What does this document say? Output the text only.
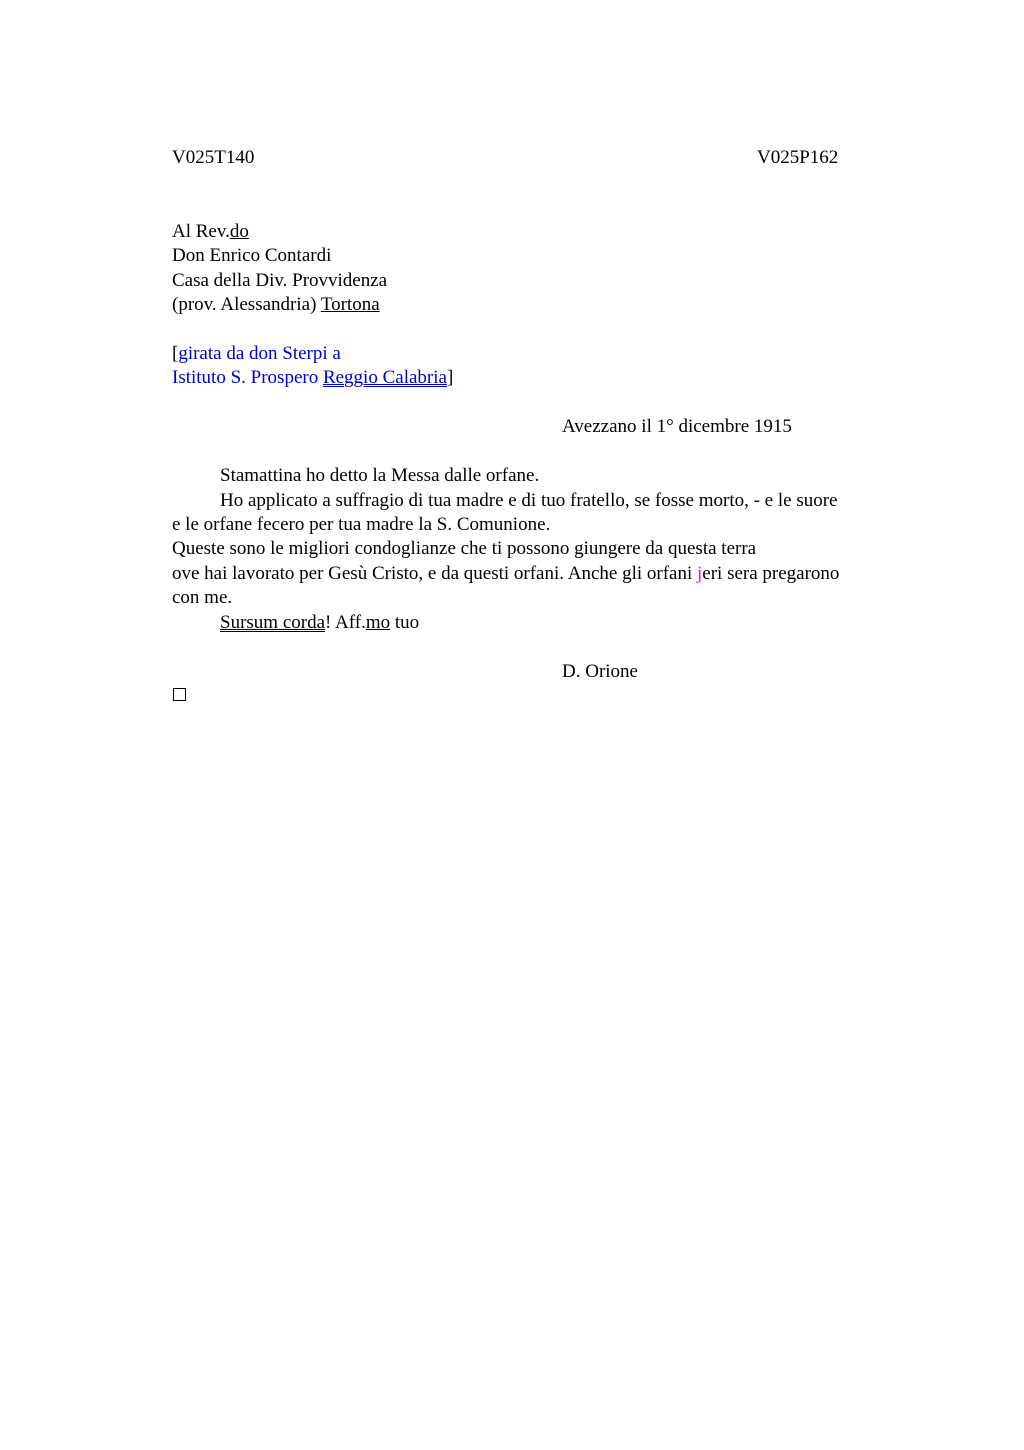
V025T140	V025P162
Al Rev.do
Don Enrico Contardi
Casa della Div. Provvidenza
(prov. Alessandria) Tortona
[girata da don Sterpi a
Istituto S. Prospero Reggio Calabria]
Avezzano il 1° dicembre 1915
Stamattina ho detto la Messa dalle orfane.
Ho applicato a suffragio di tua madre e di tuo fratello, se fosse morto, - e le suore
e le orfane fecero per tua madre la S. Comunione.
Queste sono le migliori condoglianze che ti possono giungere da questa terra
ove hai lavorato per Gesù Cristo, e da questi orfani. Anche gli orfani jeri sera pregarono
con me.
Sursum corda! Aff.mo tuo
D. Orione
